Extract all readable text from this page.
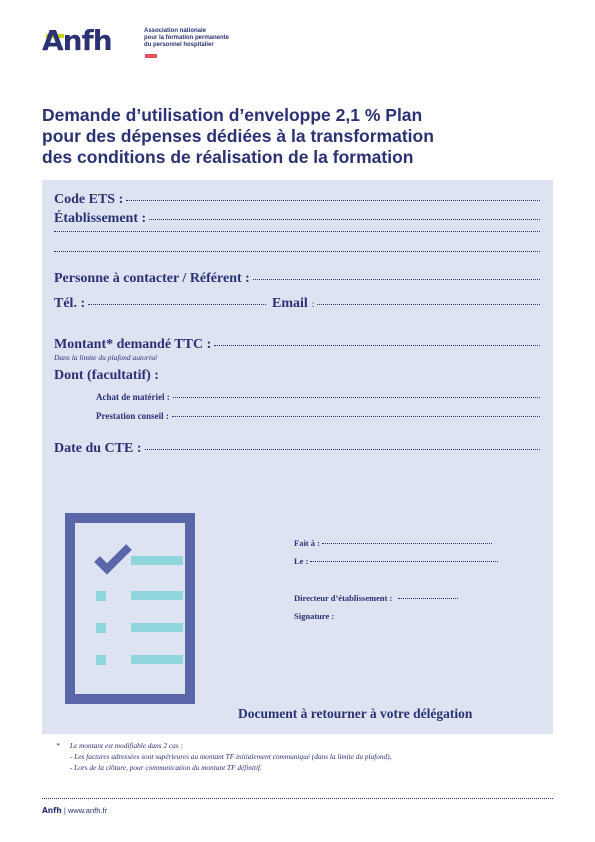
Anfh	Association nationale
pour la formation permanente
du personnel hospitalier
Demande d’utilisation d’enveloppe 2,1 % Plan
pour des dépenses dédiées à la transformation
des conditions de réalisation de la formation
Code ETS :
Établissement :
Personne à contacter / Référent :
Tél. :	Email :
Montant* demandé TTC :
Dans la limite du plafond autorisé
Dont (facultatif) :
Achat de matériel :
Prestation conseil :
Date du CTE :
Fait à :
Le :
Directeur d’établissement :
Signature :
Document à retourner à votre délégation
* Le montant est modifiable dans 2 cas :
- Les factures adressées sont supérieures au montant TF initialement communiqué (dans la limite du plafond),
- Lors de la clôture, pour communication du montant TF définitif.
Anfh | www.anfh.fr
